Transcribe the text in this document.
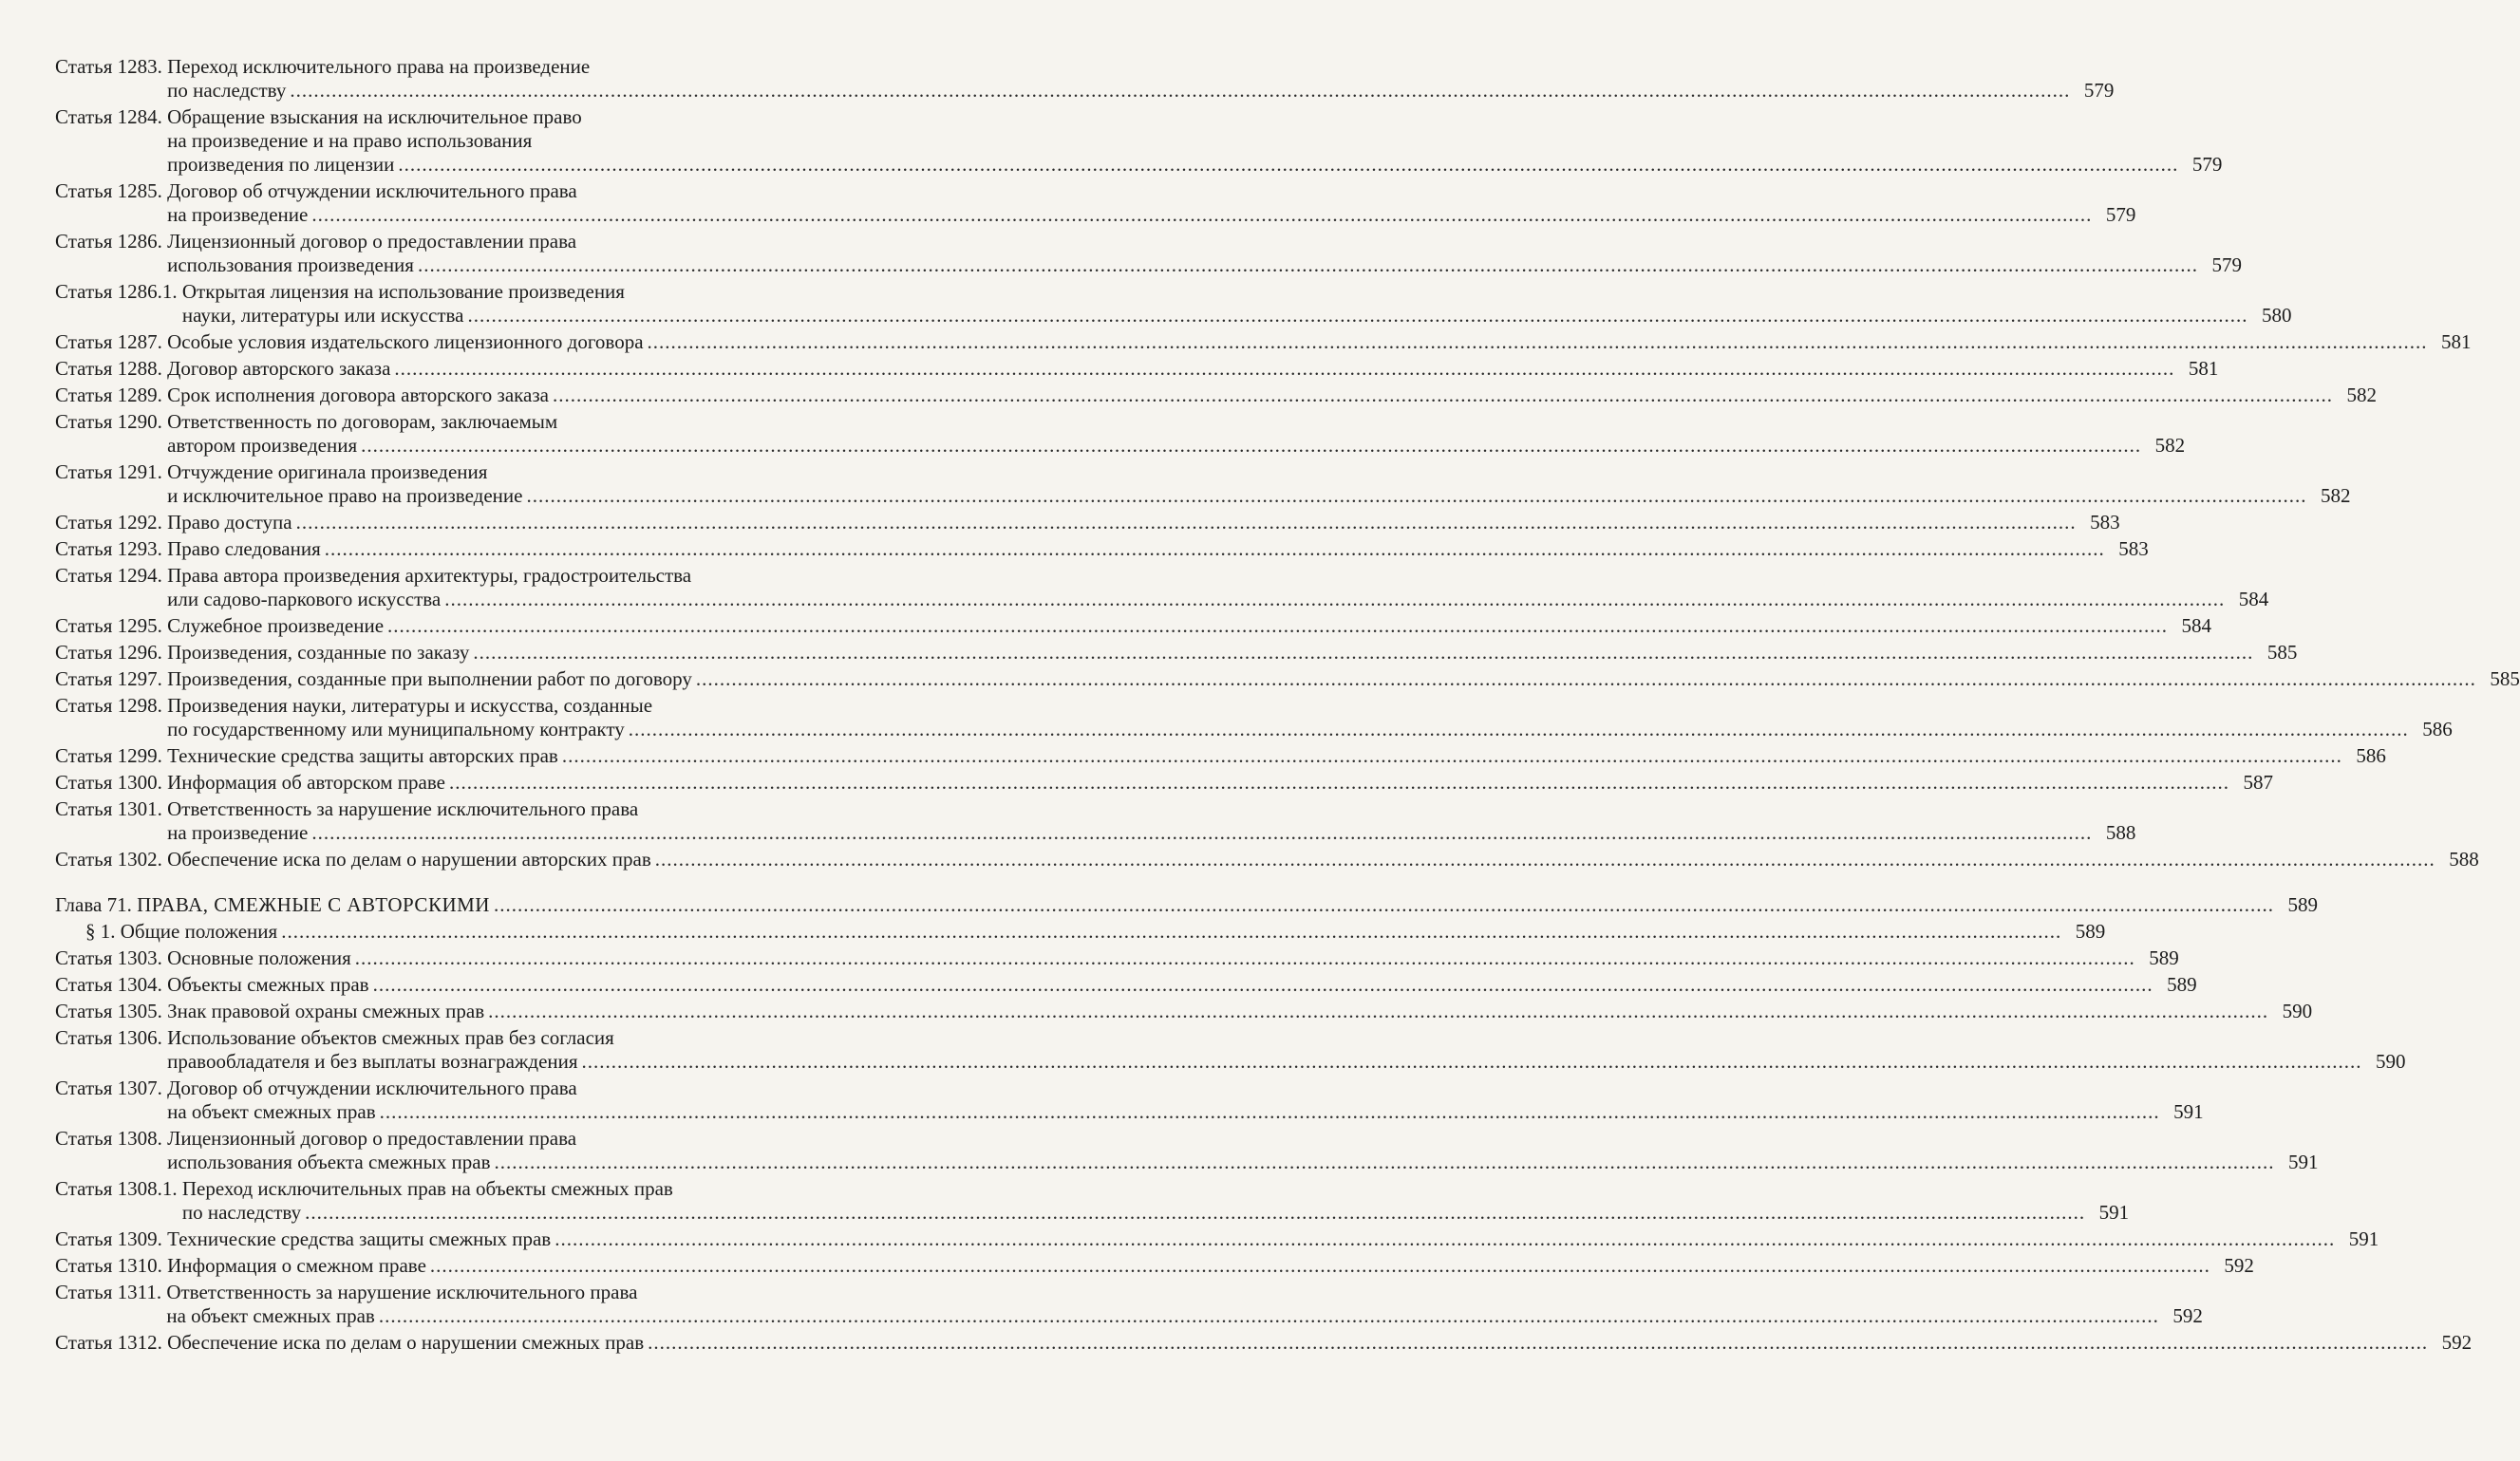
Статья 1283.
Переход исключительного права на произведение
по наследству ............................................................................................................................................................................................................................................................................................................ 579
Статья 1284.
Обращение взыскания на исключительное право
на произведение и на право использования
произведения по лицензии ............................................................................................................................................................................................................................................................................................................ 579
Статья 1285.
Договор об отчуждении исключительного права
на произведение ............................................................................................................................................................................................................................................................................................................ 579
Статья 1286.
Лицензионный договор о предоставлении права
использования произведения ............................................................................................................................................................................................................................................................................................................ 579
Статья 1286.1.
Открытая лицензия на использование произведения
науки, литературы или искусства ............................................................................................................................................................................................................................................................................................................ 580
Статья 1287.
Особые условия издательского лицензионного договора ............................................................................................................................................................................................................................................................................................................ 581
Статья 1288.
Договор авторского заказа ............................................................................................................................................................................................................................................................................................................ 581
Статья 1289.
Срок исполнения договора авторского заказа ............................................................................................................................................................................................................................................................................................................ 582
Статья 1290.
Ответственность по договорам, заключаемым
автором произведения ............................................................................................................................................................................................................................................................................................................ 582
Статья 1291.
Отчуждение оригинала произведения
и исключительное право на произведение ............................................................................................................................................................................................................................................................................................................ 582
Статья 1292.
Право доступа ............................................................................................................................................................................................................................................................................................................ 583
Статья 1293.
Право следования ............................................................................................................................................................................................................................................................................................................ 583
Статья 1294.
Права автора произведения архитектуры, градостроительства
или садово-паркового искусства ............................................................................................................................................................................................................................................................................................................ 584
Статья 1295.
Служебное произведение ............................................................................................................................................................................................................................................................................................................ 584
Статья 1296.
Произведения, созданные по заказу ............................................................................................................................................................................................................................................................................................................ 585
Статья 1297.
Произведения, созданные при выполнении работ по договору ............................................................................................................................................................................................................................................................................................................ 585
Статья 1298.
Произведения науки, литературы и искусства, созданные
по государственному или муниципальному контракту ............................................................................................................................................................................................................................................................................................................ 586
Статья 1299.
Технические средства защиты авторских прав ............................................................................................................................................................................................................................................................................................................ 586
Статья 1300.
Информация об авторском праве ............................................................................................................................................................................................................................................................................................................ 587
Статья 1301.
Ответственность за нарушение исключительного права
на произведение ............................................................................................................................................................................................................................................................................................................ 588
Статья 1302.
Обеспечение иска по делам о нарушении авторских прав ............................................................................................................................................................................................................................................................................................................ 588
Глава 71.
ПРАВА, СМЕЖНЫЕ С АВТОРСКИМИ ............................................................................................................................................................................................................................................................................................................ 589
§ 1.
Общие положения ............................................................................................................................................................................................................................................................................................................ 589
Статья 1303.
Основные положения ............................................................................................................................................................................................................................................................................................................ 589
Статья 1304.
Объекты смежных прав ............................................................................................................................................................................................................................................................................................................ 589
Статья 1305.
Знак правовой охраны смежных прав ............................................................................................................................................................................................................................................................................................................ 590
Статья 1306.
Использование объектов смежных прав без согласия
правообладателя и без выплаты вознаграждения ............................................................................................................................................................................................................................................................................................................ 590
Статья 1307.
Договор об отчуждении исключительного права
на объект смежных прав ............................................................................................................................................................................................................................................................................................................ 591
Статья 1308.
Лицензионный договор о предоставлении права
использования объекта смежных прав ............................................................................................................................................................................................................................................................................................................ 591
Статья 1308.1.
Переход исключительных прав на объекты смежных прав
по наследству ............................................................................................................................................................................................................................................................................................................ 591
Статья 1309.
Технические средства защиты смежных прав ............................................................................................................................................................................................................................................................................................................ 591
Статья 1310.
Информация о смежном праве ............................................................................................................................................................................................................................................................................................................ 592
Статья 1311.
Ответственность за нарушение исключительного права
на объект смежных прав ............................................................................................................................................................................................................................................................................................................ 592
Статья 1312.
Обеспечение иска по делам о нарушении смежных прав ............................................................................................................................................................................................................................................................................................................ 592
